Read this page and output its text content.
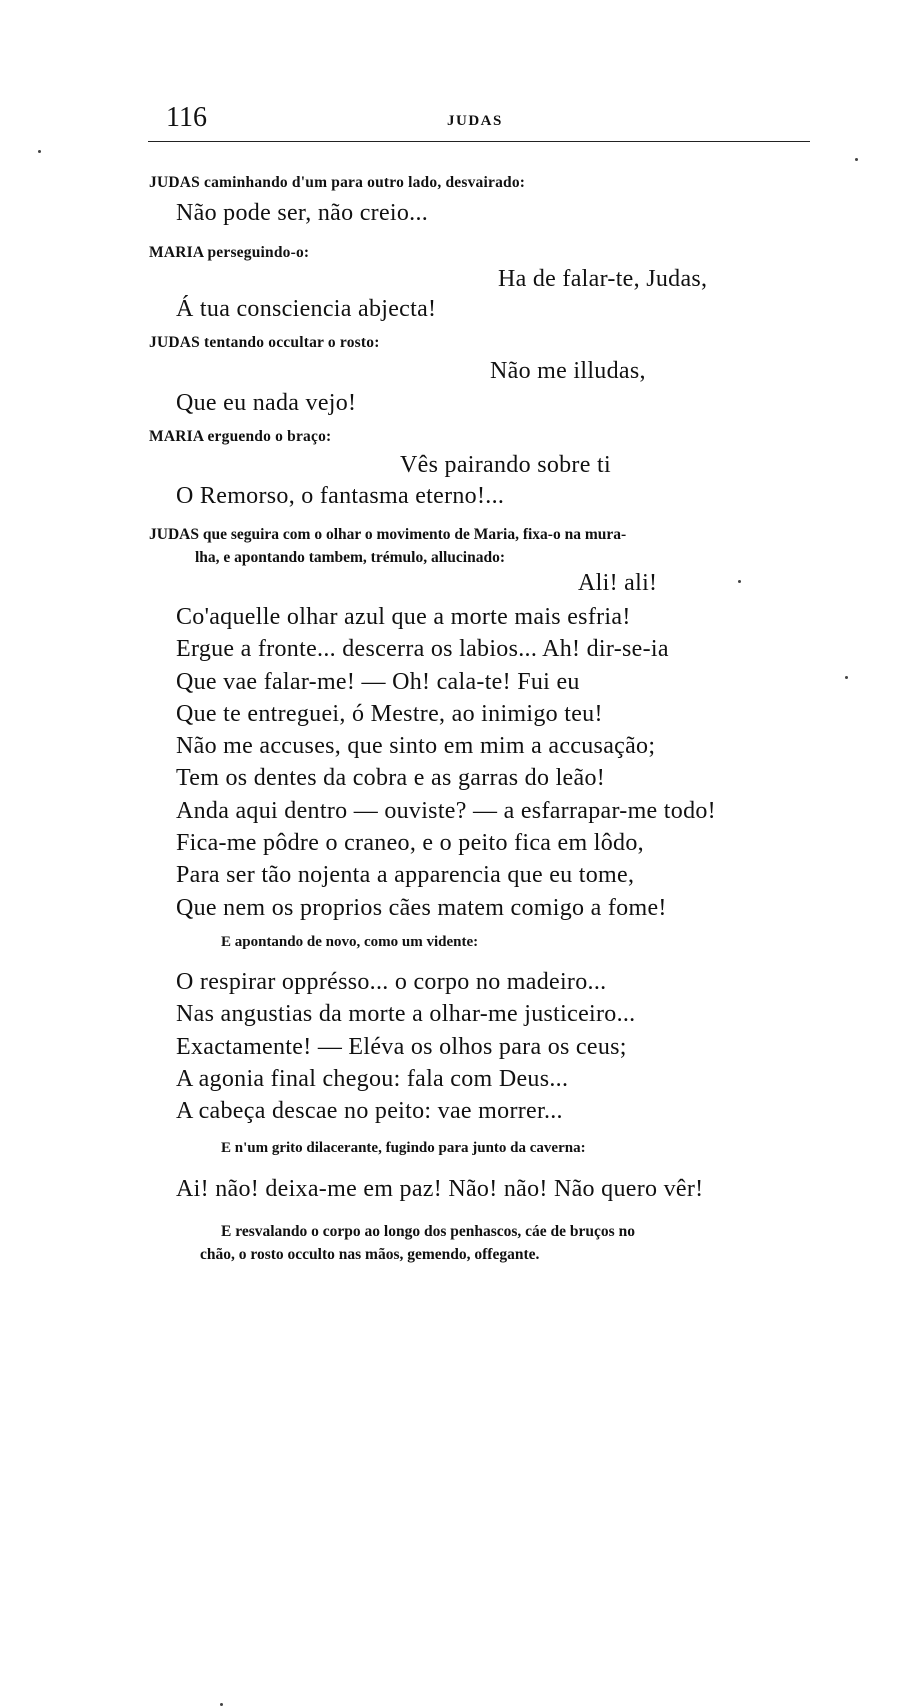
116	JUDAS
JUDAS caminhando d'um para outro lado, desvairado:
Não pode ser, não creio...
MARIA perseguindo-o:
Ha de falar-te, Judas,
Á tua consciencia abjecta!
JUDAS tentando occultar o rosto:
Não me illudas,
Que eu nada vejo!
MARIA erguendo o braço:
Vês pairando sobre ti
O Remorso, o fantasma eterno!...
JUDAS que seguira com o olhar o movimento de Maria, fixa-o na mura-
lha, e apontando tambem, trémulo, allucinado:
Ali! ali!
Co'aquelle olhar azul que a morte mais esfria!
Ergue a fronte... descerra os labios... Ah! dir-se-ia
Que vae falar-me! — Oh! cala-te! Fui eu
Que te entreguei, ó Mestre, ao inimigo teu!
Não me accuses, que sinto em mim a accusação;
Tem os dentes da cobra e as garras do leão!
Anda aqui dentro — ouviste? — a esfarrapar-me todo!
Fica-me pôdre o craneo, e o peito fica em lôdo,
Para ser tão nojenta a apparencia que eu tome,
Que nem os proprios cães matem comigo a fome!
E apontando de novo, como um vidente:
O respirar opprésso... o corpo no madeiro...
Nas angustias da morte a olhar-me justiceiro...
Exactamente! — Eléva os olhos para os ceus;
A agonia final chegou: fala com Deus...
A cabeça descae no peito: vae morrer...
E n'um grito dilacerante, fugindo para junto da caverna:
Ai! não! deixa-me em paz! Não! não! Não quero vêr!
E resvalando o corpo ao longo dos penhascos, cáe de bruços no
chão, o rosto occulto nas mãos, gemendo, offegante.
